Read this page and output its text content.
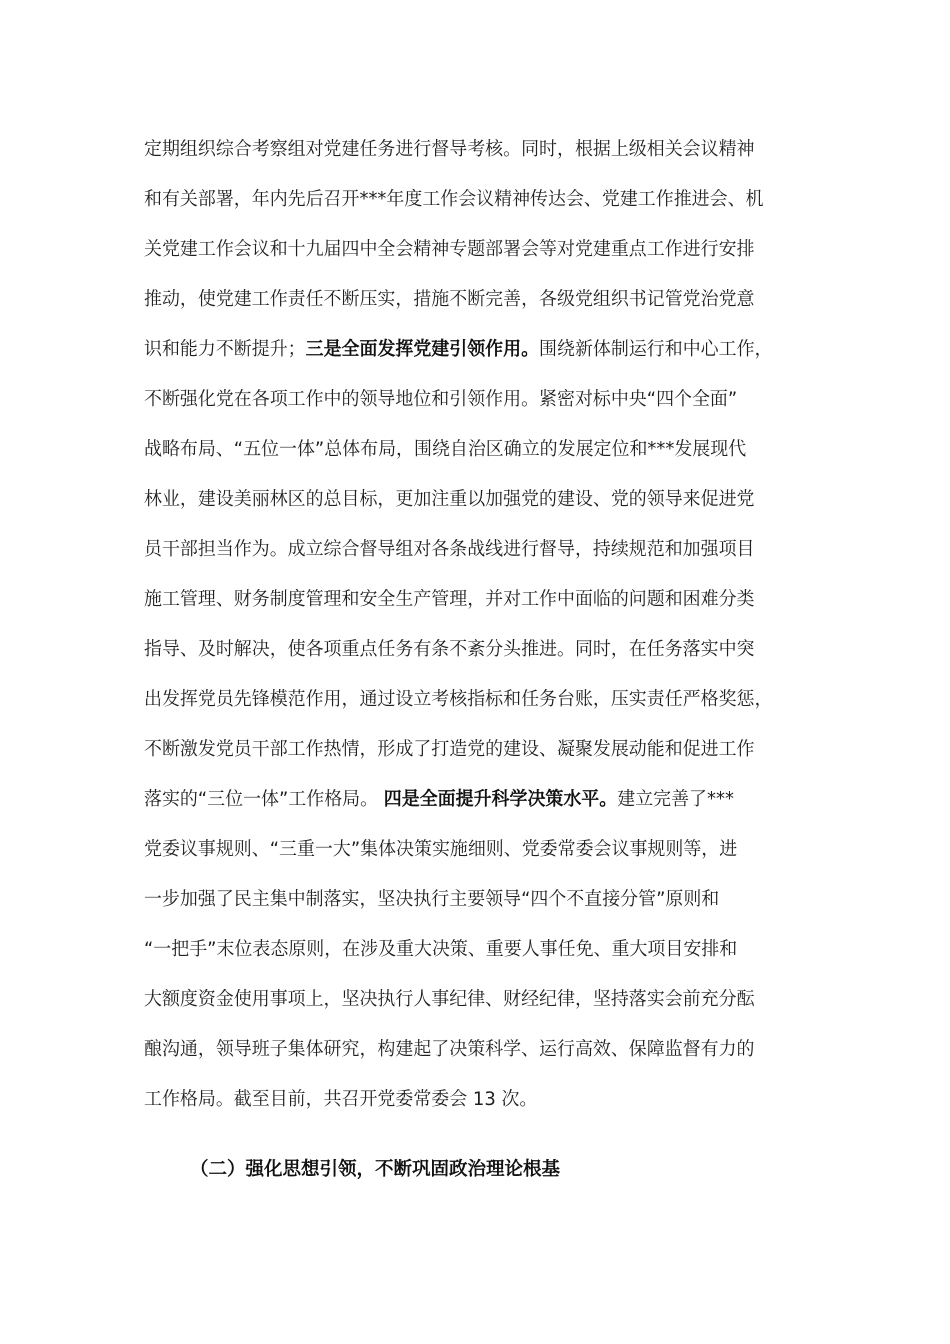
定期组织综合考察组对党建任务进行督导考核。同时，根据上级相关会议精神
和有关部署，年内先后召开***年度工作会议精神传达会、党建工作推进会、机
关党建工作会议和十九届四中全会精神专题部署会等对党建重点工作进行安排
推动，使党建工作责任不断压实，措施不断完善，各级党组织书记管党治党意
识和能力不断提升；三是全面发挥党建引领作用。围绕新体制运行和中心工作，
不断强化党在各项工作中的领导地位和引领作用。紧密对标中央“四个全面”
战略布局、“五位一体”总体布局，围绕自治区确立的发展定位和***发展现代
林业，建设美丽林区的总目标，更加注重以加强党的建设、党的领导来促进党
员干部担当作为。成立综合督导组对各条战线进行督导，持续规范和加强项目
施工管理、财务制度管理和安全生产管理，并对工作中面临的问题和困难分类
指导、及时解决，使各项重点任务有条不紊分头推进。同时，在任务落实中突
出发挥党员先锋模范作用，通过设立考核指标和任务台账，压实责任严格奖惩，
不断激发党员干部工作热情，形成了打造党的建设、凝聚发展动能和促进工作
落实的“三位一体”工作格局。 四是全面提升科学决策水平。建立完善了***
党委议事规则、“三重一大”集体决策实施细则、党委常委会议事规则等，进
一步加强了民主集中制落实，坚决执行主要领导“四个不直接分管”原则和
“一把手”末位表态原则，在涉及重大决策、重要人事任免、重大项目安排和
大额度资金使用事项上，坚决执行人事纪律、财经纪律，坚持落实会前充分酝
酿沟通，领导班子集体研究，构建起了决策科学、运行高效、保障监督有力的
工作格局。截至目前，共召开党委常委会 13 次。
（二）强化思想引领，不断巩固政治理论根基
